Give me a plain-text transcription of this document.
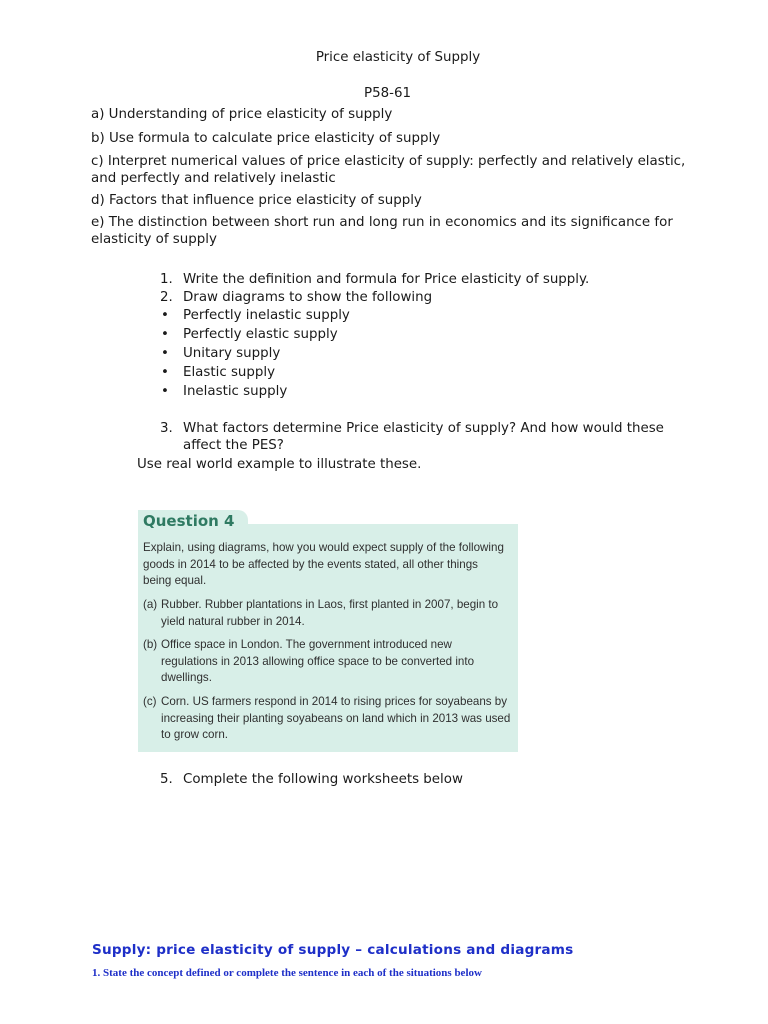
Price elasticity of Supply
P58-61
a) Understanding of price elasticity of supply
b) Use formula to calculate price elasticity of supply
c) Interpret numerical values of price elasticity of supply: perfectly and relatively elastic, and perfectly and relatively inelastic
d) Factors that influence price elasticity of supply
e) The distinction between short run and long run in economics and its significance for elasticity of supply
1. Write the definition and formula for Price elasticity of supply.
2. Draw diagrams to show the following
• Perfectly inelastic supply
• Perfectly elastic supply
• Unitary supply
• Elastic supply
• Inelastic supply
3. What factors determine Price elasticity of supply? And how would these affect the PES?
Use real world example to illustrate these.
Question 4
Explain, using diagrams, how you would expect supply of the following goods in 2014 to be affected by the events stated, all other things being equal.
(a) Rubber. Rubber plantations in Laos, first planted in 2007, begin to yield natural rubber in 2014.
(b) Office space in London. The government introduced new regulations in 2013 allowing office space to be converted into dwellings.
(c) Corn. US farmers respond in 2014 to rising prices for soyabeans by increasing their planting soyabeans on land which in 2013 was used to grow corn.
5. Complete the following worksheets below
Supply: price elasticity of supply – calculations and diagrams
1. State the concept defined or complete the sentence in each of the situations below
